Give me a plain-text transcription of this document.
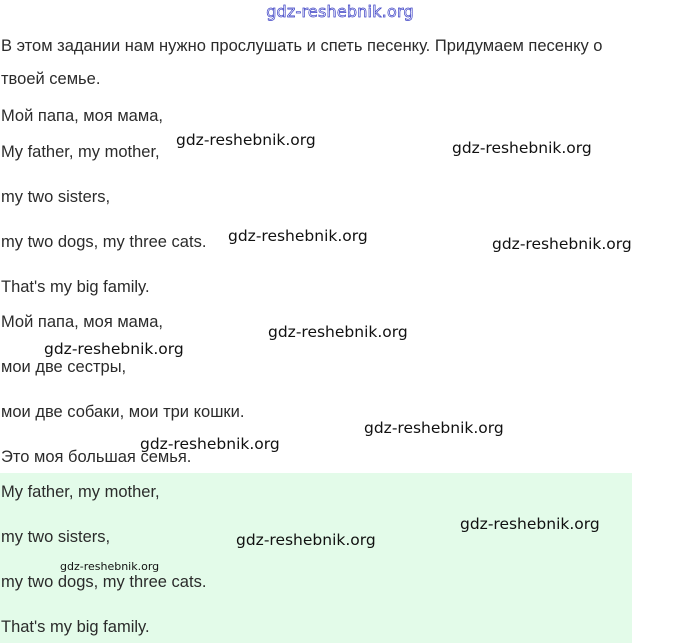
gdz-reshebnik.org
В этом задании нам нужно прослушать и спеть песенку. Придумаем песенку о
твоей семье.
Мой папа, моя мама,
My father, my mother,
my two sisters,
my two dogs, my three cats.
That's my big family.
Мой папа, моя мама,
мои две сестры,
мои две собаки, мои три кошки.
Это моя большая семья.
My father, my mother,
my two sisters,
my two dogs, my three cats.
That's my big family.
gdz-reshebnik.org	gdz-reshebnik.org
gdz-reshebnik.org	gdz-reshebnik.org
gdz-reshebnik.org
gdz-reshebnik.org
gdz-reshebnik.org
gdz-reshebnik.org
gdz-reshebnik.org
gdz-reshebnik.org
gdz-reshebnik.org
